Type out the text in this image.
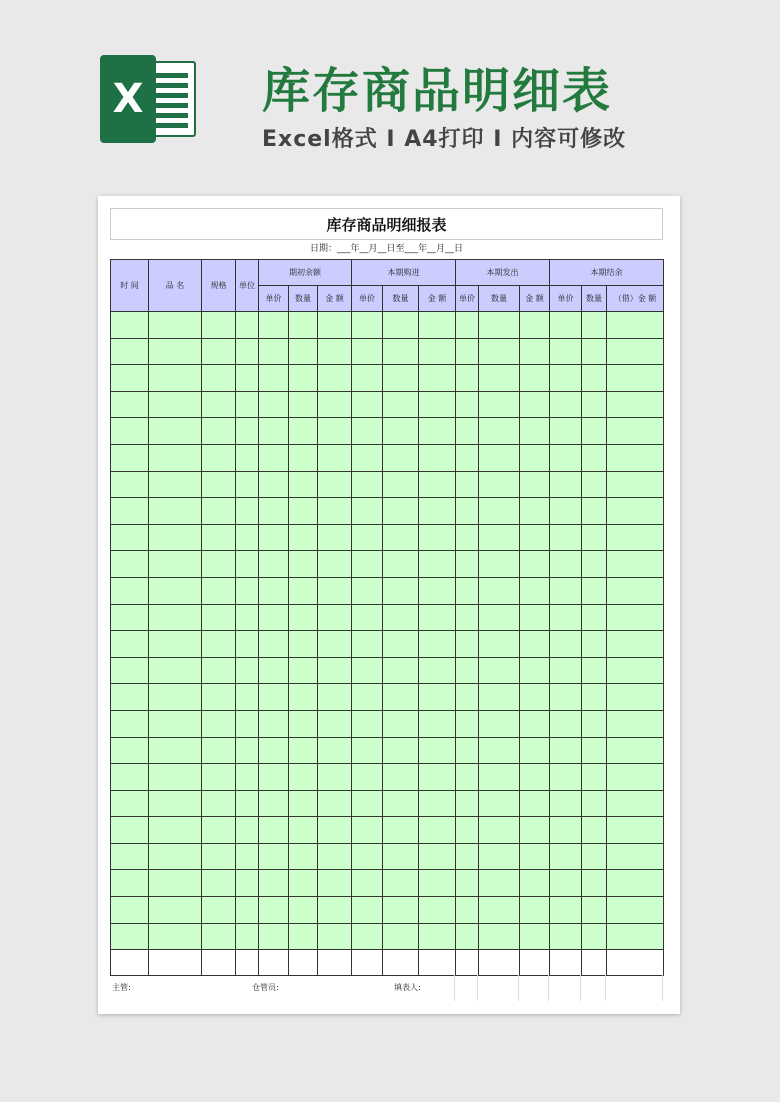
X 库存商品明细表
Excel格式 I A4打印 I 内容可修改
库存商品明细报表
日期：___年__月__日至___年__月__日
时 间	品 名	规格	单位	期初余额			本期购进			本期发出			本期结余		
				单价	数量	金 额	单价	数量	金 额	单价	数量	金 额	单价	数量	（借）金 额

主管:	仓管员:	填表人:
